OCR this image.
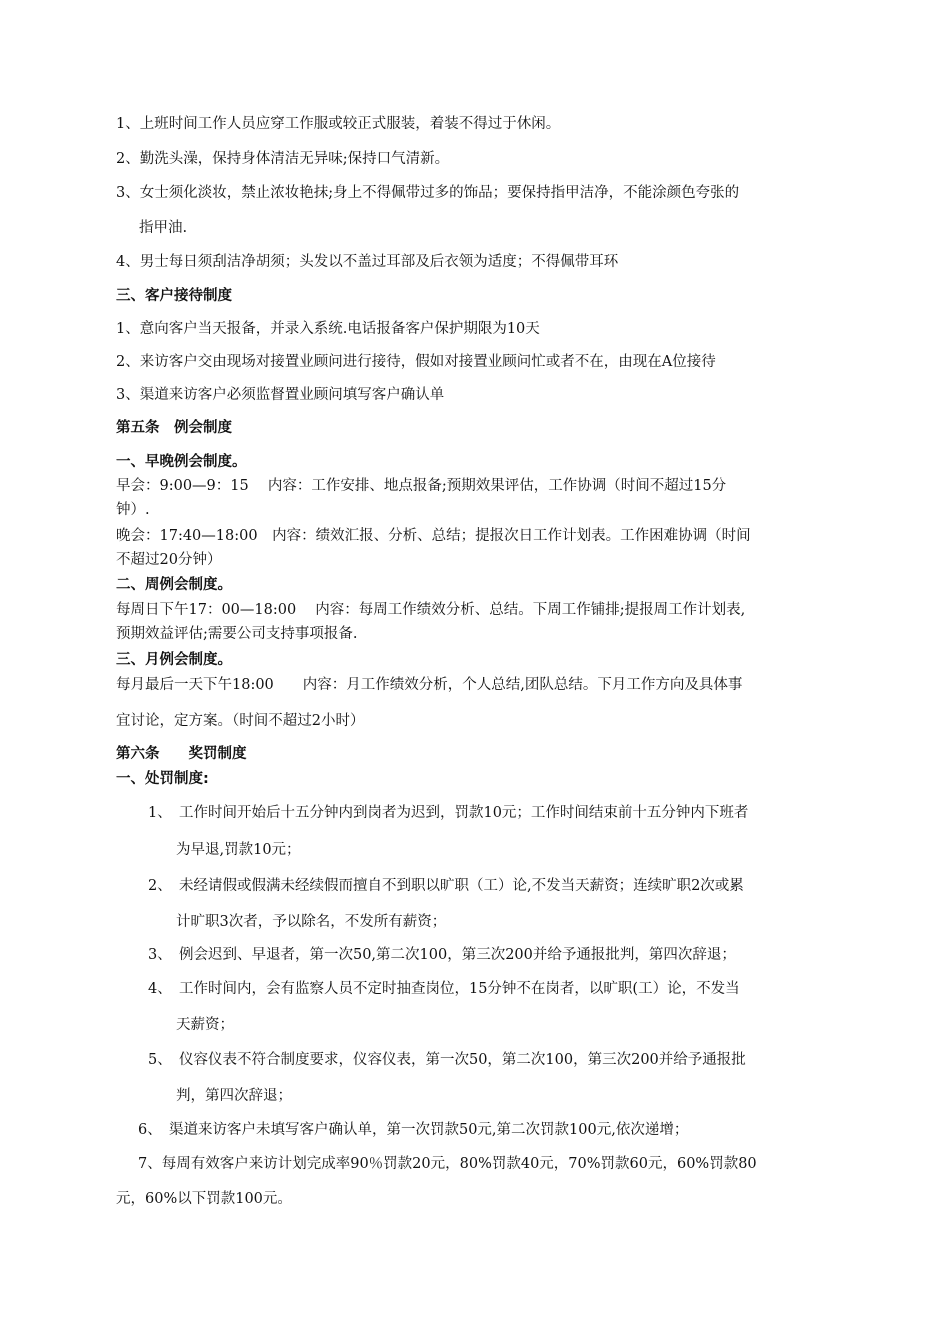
1、上班时间工作人员应穿工作服或较正式服装，着装不得过于休闲。
2、勤洗头澡，保持身体清洁无异味;保持口气清新。
3、女士须化淡妆，禁止浓妆艳抹;身上不得佩带过多的饰品；要保持指甲洁净，不能涂颜色夸张的
指甲油.
4、男士每日须刮洁净胡须；头发以不盖过耳部及后衣领为适度；不得佩带耳环
三、客户接待制度
1、意向客户当天报备，并录入系统.电话报备客户保护期限为10天
2、来访客户交由现场对接置业顾问进行接待，假如对接置业顾问忙或者不在，由现在A位接待
3、渠道来访客户必须监督置业顾问填写客户确认单
第五条　例会制度
一、早晚例会制度。
早会：9:00—9：15　 内容：工作安排、地点报备;预期效果评估，工作协调（时间不超过15分
钟）.
晚会：17:40—18:00　内容：绩效汇报、分析、总结；提报次日工作计划表。工作困难协调（时间
不超过20分钟）
二、周例会制度。
每周日下午17：00—18:00　 内容：每周工作绩效分析、总结。下周工作铺排;提报周工作计划表,
预期效益评估;需要公司支持事项报备.
三、月例会制度。
每月最后一天下午18:00　　内容：月工作绩效分析，个人总结,团队总结。下月工作方向及具体事
宜讨论，定方案。（时间不超过2小时）
第六条　　奖罚制度
一、处罚制度:
1、　工作时间开始后十五分钟内到岗者为迟到，罚款10元；工作时间结束前十五分钟内下班者
为早退,罚款10元；
2、　未经请假或假满未经续假而擅自不到职以旷职（工）论,不发当天薪资；连续旷职2次或累
计旷职3次者，予以除名，不发所有薪资；
3、　例会迟到、早退者，第一次50,第二次100，第三次200并给予通报批判，第四次辞退；
4、　工作时间内，会有监察人员不定时抽查岗位，15分钟不在岗者，以旷职(工）论，不发当
天薪资；
5、　仪容仪表不符合制度要求，仪容仪表，第一次50，第二次100，第三次200并给予通报批
判，第四次辞退；
6、　渠道来访客户未填写客户确认单，第一次罚款50元,第二次罚款100元,依次递增；
7、每周有效客户来访计划完成率90％罚款20元，80%罚款40元，70%罚款60元，60%罚款80
元，60%以下罚款100元。
